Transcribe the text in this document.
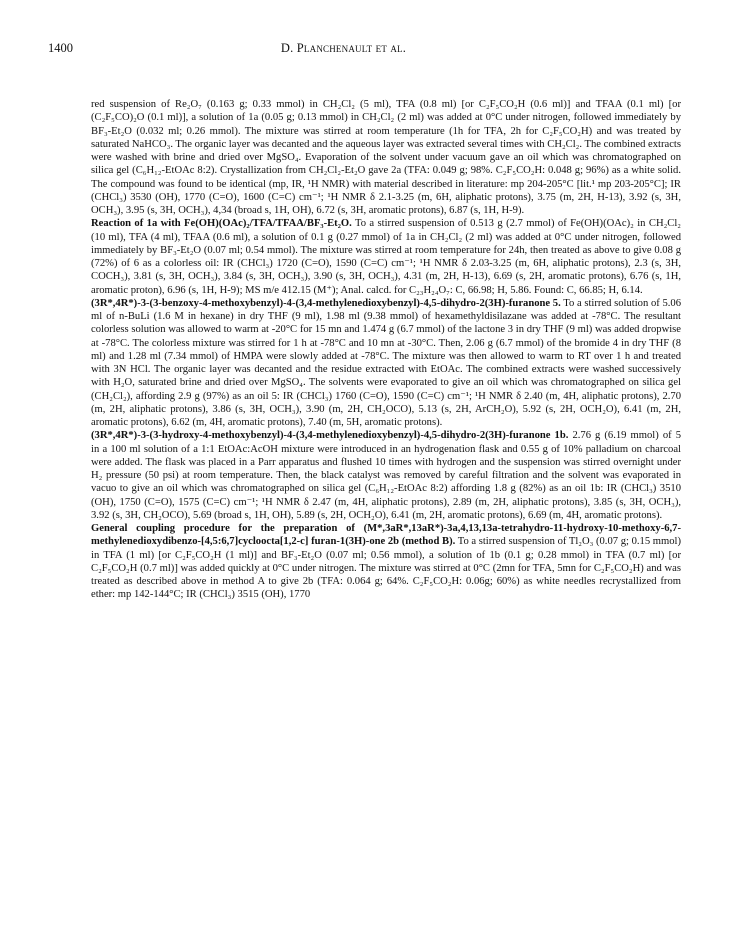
1400	D. Planchenault et al.

red suspension of Re₂O₇ (0.163 g; 0.33 mmol) in CH₂Cl₂ (5 ml), TFA (0.8 ml) [or C₂F₅CO₂H (0.6 ml)] and TFAA (0.1 ml) [or (C₂F₅CO)₂O (0.1 ml)], a solution of 1a (0.05 g; 0.13 mmol) in CH₂Cl₂ (2 ml) was added at 0°C under nitrogen, followed immediately by BF₃-Et₂O (0.032 ml; 0.26 mmol). The mixture was stirred at room temperature (1h for TFA, 2h for C₂F₅CO₂H) and was treated by saturated NaHCO₃. The organic layer was decanted and the aqueous layer was extracted several times with CH₂Cl₂. The combined extracts were washed with brine and dried over MgSO₄. Evaporation of the solvent under vacuum gave an oil which was chromatographed on silica gel (C₆H₁₂-EtOAc 8:2). Crystallization from CH₂Cl₂-Et₂O gave 2a (TFA: 0.049 g; 98%. C₂F₅CO₂H: 0.048 g; 96%) as a white solid. The compound was found to be identical (mp, IR, ¹H NMR) with material described in literature: mp 204-205°C [lit.¹ mp 203-205°C]; IR (CHCl₃) 3530 (OH), 1770 (C=O), 1600 (C=C) cm⁻¹; ¹H NMR δ 2.1-3.25 (m, 6H, aliphatic protons), 3.75 (m, 2H, H-13), 3.92 (s, 3H, OCH₃), 3.95 (s, 3H, OCH₃), 4,34 (broad s, 1H, OH), 6.72 (s, 3H, aromatic protons), 6.87 (s, 1H, H-9).

Reaction of 1a with Fe(OH)(OAc)₂/TFA/TFAA/BF₃-Et₂O. To a stirred suspension of 0.513 g (2.7 mmol) of Fe(OH)(OAc)₂ in CH₂Cl₂ (10 ml), TFA (4 ml), TFAA (0.6 ml), a solution of 0.1 g (0.27 mmol) of 1a in CH₂Cl₂ (2 ml) was added at 0°C under nitrogen, followed immediately by BF₃-Et₂O (0.07 ml; 0.54 mmol). The mixture was stirred at room temperature for 24h, then treated as above to give 0.08 g (72%) of 6 as a colorless oil: IR (CHCl₃) 1720 (C=O), 1590 (C=C) cm⁻¹; ¹H NMR δ 2.03-3.25 (m, 6H, aliphatic protons), 2.3 (s, 3H, COCH₃), 3.81 (s, 3H, OCH₃), 3.84 (s, 3H, OCH₃), 3.90 (s, 3H, OCH₃), 4.31 (m, 2H, H-13), 6.69 (s, 2H, aromatic protons), 6.76 (s, 1H, aromatic proton), 6.96 (s, 1H, H-9); MS m/e 412.15 (M⁺); Anal. calcd. for C₂₃H₂₄O₇: C, 66.98; H, 5.86. Found: C, 66.85; H, 6.14.

(3R*,4R*)-3-(3-benzoxy-4-methoxybenzyl)-4-(3,4-methylenedioxybenzyl)-4,5-dihydro-2(3H)-furanone 5. To a stirred solution of 5.06 ml of n-BuLi (1.6 M in hexane) in dry THF (9 ml), 1.98 ml (9.38 mmol) of hexamethyldisilazane was added at -78°C. The resultant colorless solution was allowed to warm at -20°C for 15 mn and 1.474 g (6.7 mmol) of the lactone 3 in dry THF (9 ml) was added dropwise at -78°C. The colorless mixture was stirred for 1 h at -78°C and 10 mn at -30°C. Then, 2.06 g (6.7 mmol) of the bromide 4 in dry THF (8 ml) and 1.28 ml (7.34 mmol) of HMPA were slowly added at -78°C. The mixture was then allowed to warm to RT over 1 h and treated with 3N HCl. The organic layer was decanted and the residue extracted with EtOAc. The combined extracts were washed successively with H₂O, saturated brine and dried over MgSO₄. The solvents were evaporated to give an oil which was chromatographed on silica gel (CH₂Cl₂), affording 2.9 g (97%) as an oil 5: IR (CHCl₃) 1760 (C=O), 1590 (C=C) cm⁻¹; ¹H NMR δ 2.40 (m, 4H, aliphatic protons), 2.70 (m, 2H, aliphatic protons), 3.86 (s, 3H, OCH₃), 3.90 (m, 2H, CH₂OCO), 5.13 (s, 2H, ArCH₂O), 5.92 (s, 2H, OCH₂O), 6.41 (m, 2H, aromatic protons), 6.62 (m, 4H, aromatic protons), 7.40 (m, 5H, aromatic protons).

(3R*,4R*)-3-(3-hydroxy-4-methoxybenzyl)-4-(3,4-methylenedioxybenzyl)-4,5-dihydro-2(3H)-furanone 1b. 2.76 g (6.19 mmol) of 5 in a 100 ml solution of a 1:1 EtOAc:AcOH mixture were introduced in an hydrogenation flask and 0.55 g of 10% palladium on charcoal were added. The flask was placed in a Parr apparatus and flushed 10 times with hydrogen and the suspension was stirred overnight under H₂ pressure (50 psi) at room temperature. Then, the black catalyst was removed by careful filtration and the solvent was evaporated in vacuo to give an oil which was chromatographed on silica gel (C₆H₁₂-EtOAc 8:2) affording 1.8 g (82%) as an oil 1b: IR (CHCl₃) 3510 (OH), 1750 (C=O), 1575 (C=C) cm⁻¹; ¹H NMR δ 2.47 (m, 4H, aliphatic protons), 2.89 (m, 2H, aliphatic protons), 3.85 (s, 3H, OCH₃), 3.92 (s, 3H, CH₂OCO), 5.69 (broad s, 1H, OH), 5.89 (s, 2H, OCH₂O), 6.41 (m, 2H, aromatic protons), 6.69 (m, 4H, aromatic protons).

General coupling procedure for the preparation of (M*,3aR*,13aR*)-3a,4,13,13a-tetrahydro-11-hydroxy-10-methoxy-6,7-methylenedioxydibenzo-[4,5:6,7]cycloocta[1,2-c] furan-1(3H)-one 2b (method B). To a stirred suspension of Tl₂O₃ (0.07 g; 0.15 mmol) in TFA (1 ml) [or C₂F₅CO₂H (1 ml)] and BF₃-Et₂O (0.07 ml; 0.56 mmol), a solution of 1b (0.1 g; 0.28 mmol) in TFA (0.7 ml) [or C₂F₅CO₂H (0.7 ml)] was added quickly at 0°C under nitrogen. The mixture was stirred at 0°C (2mn for TFA, 5mn for C₂F₅CO₂H) and was treated as described above in method A to give 2b (TFA: 0.064 g; 64%. C₂F₅CO₂H: 0.06g; 60%) as white needles recrystallized from ether: mp 142-144°C; IR (CHCl₃) 3515 (OH), 1770
